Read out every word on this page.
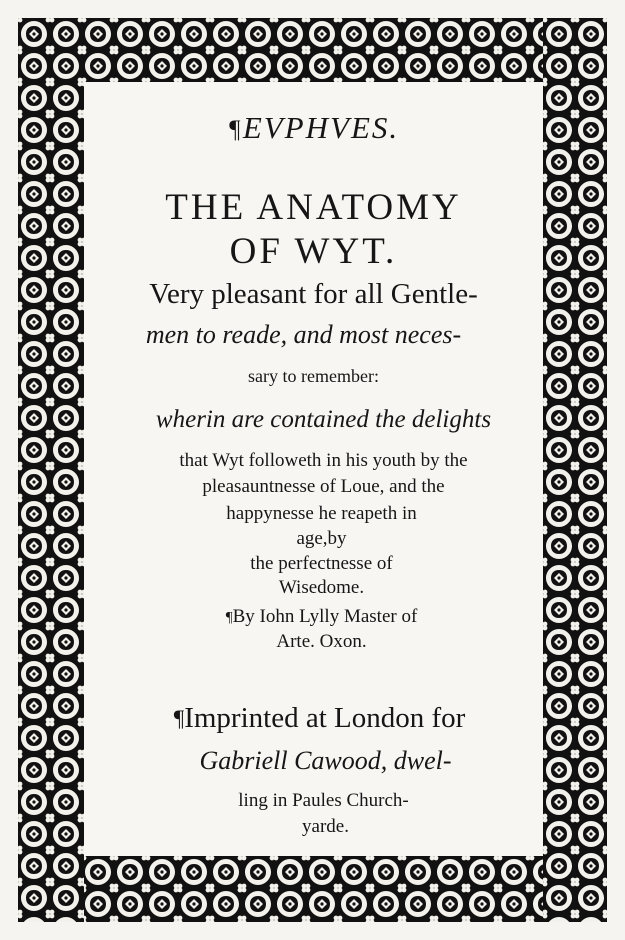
¶EVPHVES.
THE ANATOMY
OF WYT.
Very pleasant for all Gentle-
men to reade, and most neces-
sary to remember:
wherin are contained the delights
that Wyt followeth in his youth by the
pleasauntnesse of Loue, and the
happynesse he reapeth in
age,by
the perfectnesse of
Wisedome.
¶By Iohn Lylly Master of
Arte. Oxon.
¶Imprinted at London for
Gabriell Cawood, dwel-
ling in Paules Church-
yarde.
